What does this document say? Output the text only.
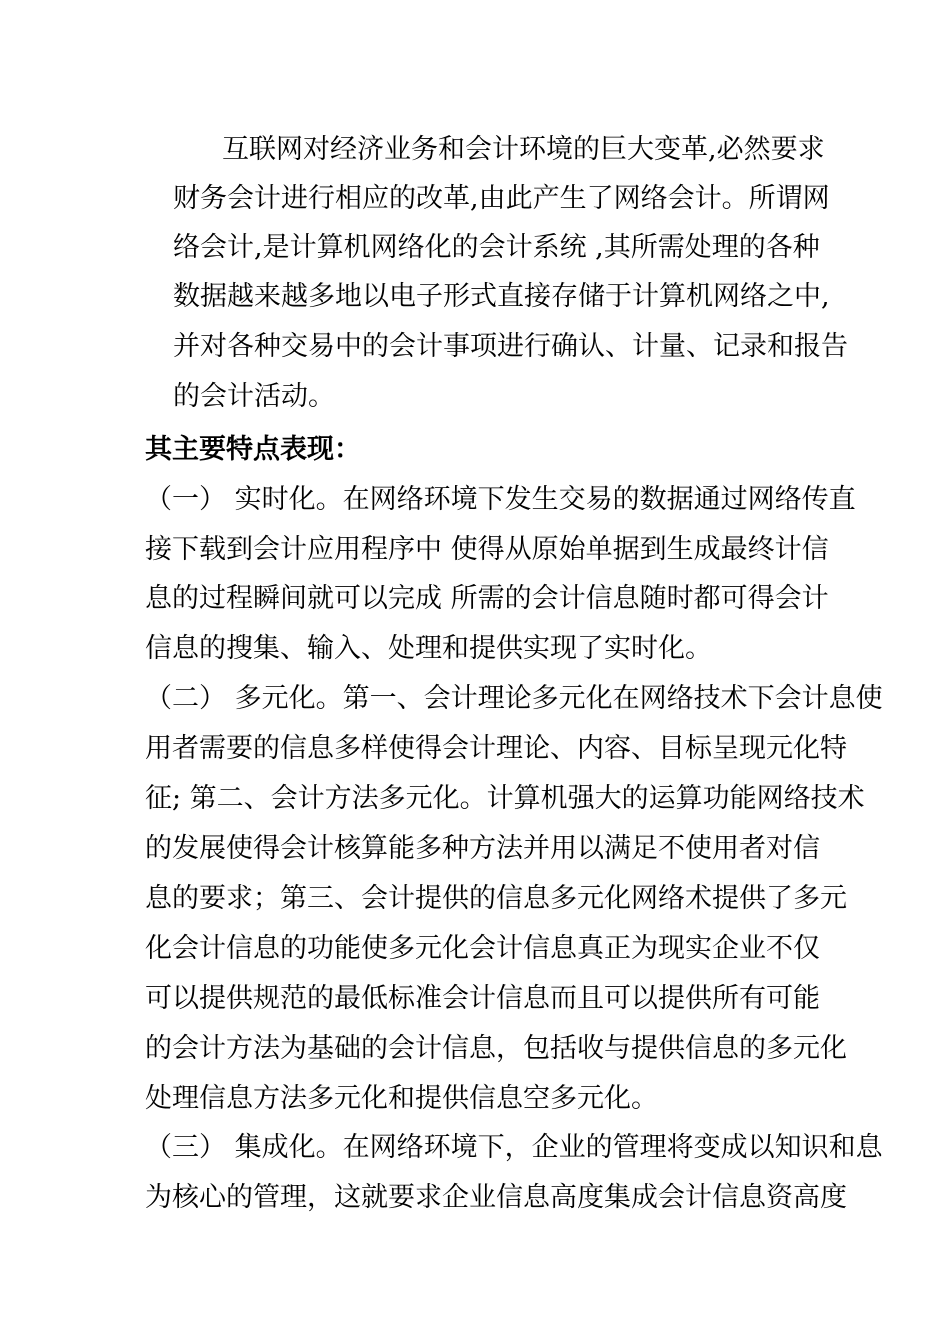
互联网对经济业务和会计环境的巨大变革,必然要求
财务会计进行相应的改革,由此产生了网络会计。所谓网
络会计,是计算机网络化的会计系统 ,其所需处理的各种
数据越来越多地以电子形式直接存储于计算机网络之中,
并对各种交易中的会计事项进行确认、计量、记录和报告
的会计活动。
其主要特点表现：
（一） 实时化。在网络环境下发生交易的数据通过网络传直
接下载到会计应用程序中 使得从原始单据到生成最终计信
息的过程瞬间就可以完成 所需的会计信息随时都可得会计
信息的搜集、输入、处理和提供实现了实时化。
（二） 多元化。第一、会计理论多元化在网络技术下会计息使
用者需要的信息多样使得会计理论、内容、目标呈现元化特
征; 第二、会计方法多元化。计算机强大的运算功能网络技术
的发展使得会计核算能多种方法并用以满足不使用者对信
息的要求；第三、会计提供的信息多元化网络术提供了多元
化会计信息的功能使多元化会计信息真正为现实企业不仅
可以提供规范的最低标准会计信息而且可以提供所有可能
的会计方法为基础的会计信息，包括收与提供信息的多元化
处理信息方法多元化和提供信息空多元化。
（三） 集成化。在网络环境下，企业的管理将变成以知识和息
为核心的管理，这就要求企业信息高度集成会计信息资高度
